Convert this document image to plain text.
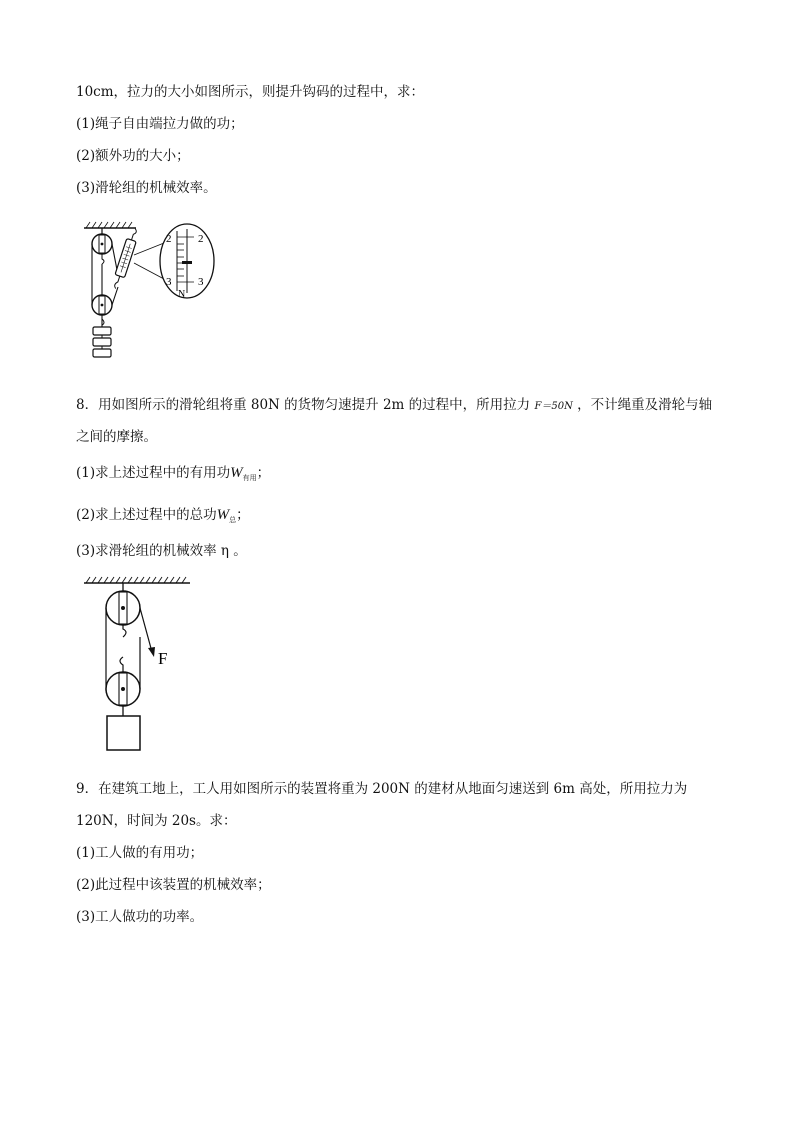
10cm，拉力的大小如图所示，则提升钩码的过程中，求：
(1)绳子自由端拉力做的功；
(2)额外功的大小；
(3)滑轮组的机械效率。
2 2
3 3
N
8．用如图所示的滑轮组将重 80N 的货物匀速提升 2m 的过程中，所用拉力 F＝50N ，不计绳重及滑轮与轴
之间的摩擦。
(1)求上述过程中的有用功$W_{有用}$；
(2)求上述过程中的总功$W_总$；
(3)求滑轮组的机械效率 η 。
F
9．在建筑工地上，工人用如图所示的装置将重为 200N 的建材从地面匀速送到 6m 高处，所用拉力为
120N，时间为 20s。求：
(1)工人做的有用功；
(2)此过程中该装置的机械效率；
(3)工人做功的功率。
